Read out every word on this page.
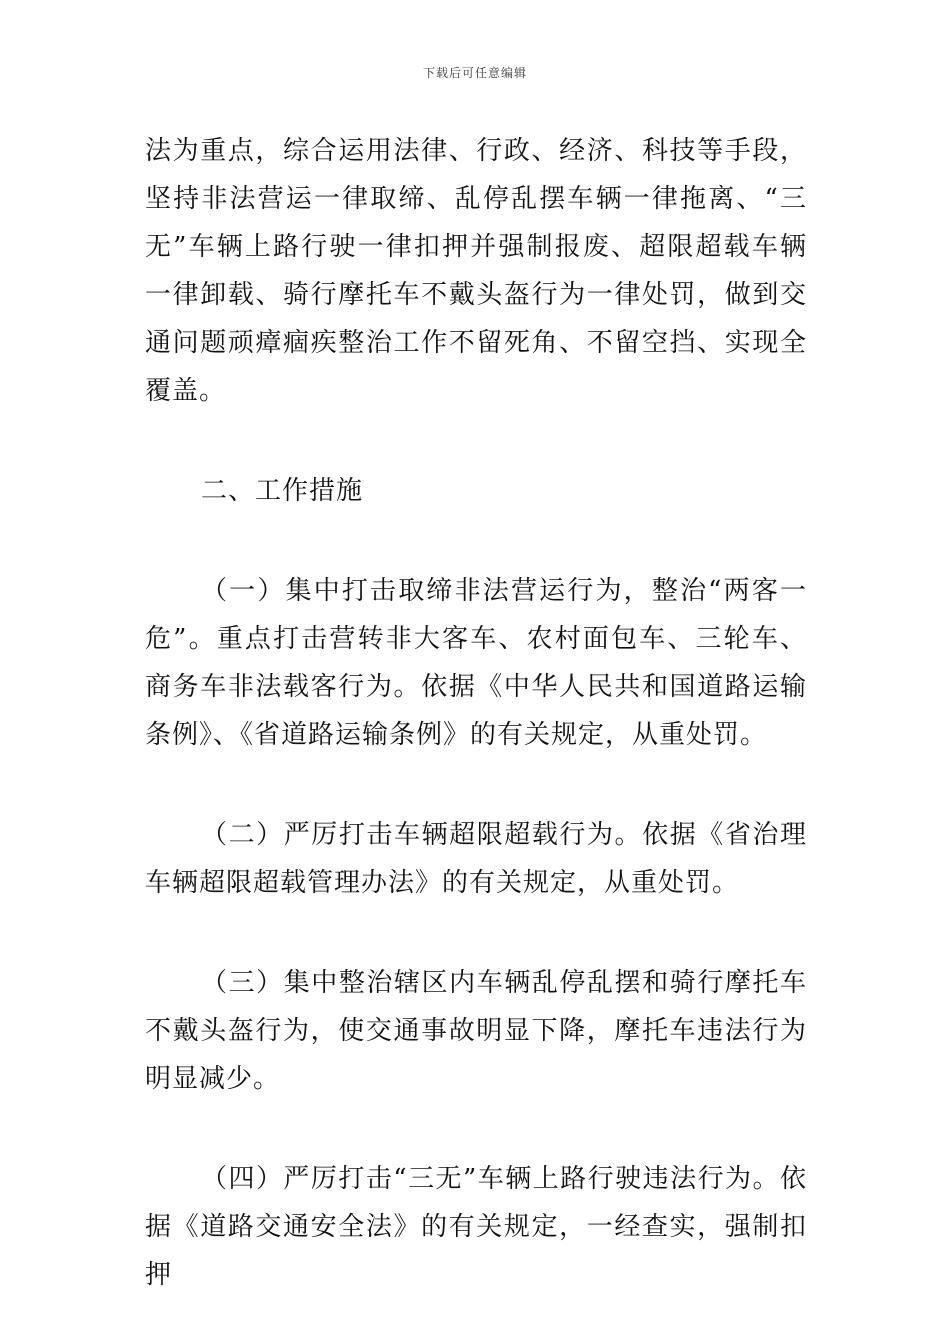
下载后可任意编辑

法为重点，综合运用法律、行政、经济、科技等手段，坚持非法营运一律取缔、乱停乱摆车辆一律拖离、“三无”车辆上路行驶一律扣押并强制报废、超限超载车辆一律卸载、骑行摩托车不戴头盔行为一律处罚，做到交通问题顽瘴痼疾整治工作不留死角、不留空挡、实现全覆盖。

二、工作措施

（一）集中打击取缔非法营运行为，整治“两客一危”。重点打击营转非大客车、农村面包车、三轮车、商务车非法载客行为。依据《中华人民共和国道路运输条例》、《省道路运输条例》的有关规定，从重处罚。

（二）严厉打击车辆超限超载行为。依据《省治理车辆超限超载管理办法》的有关规定，从重处罚。

（三）集中整治辖区内车辆乱停乱摆和骑行摩托车不戴头盔行为，使交通事故明显下降，摩托车违法行为明显减少。

（四）严厉打击“三无”车辆上路行驶违法行为。依据《道路交通安全法》的有关规定，一经查实，强制扣押
